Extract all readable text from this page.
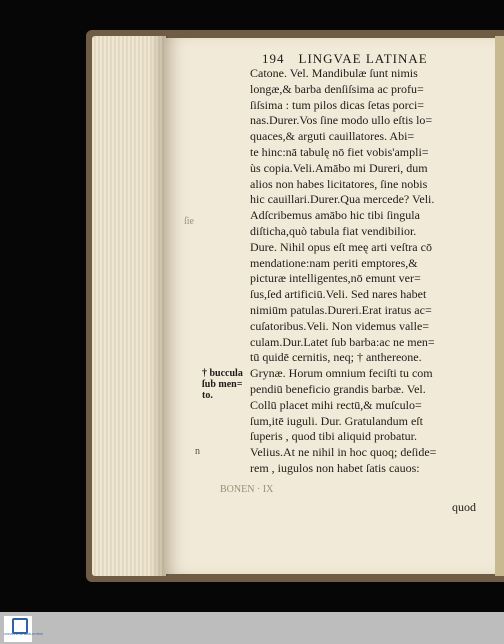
194 LINGVAE LATINAE
Catone. Vel. Mandibulæ ſunt nimis
longæ,& barba denſiſsima ac profu=
ſiſsima : tum pilos dicas ſetas porci=
nas.Durer.Vos ſine modo ullo eſtis lo=
quaces,& arguti cauillatores. Abi=
te hinc:nā tabulę nō fiet vobis'ampli=
ùs copia.Veli.Amābo mi Dureri, dum
alios non habes licitatores, ſine nobis
hic cauillari.Durer.Qua mercede? Veli.
Adſcribemus amābo hic tibi ſingula
diſticha,quò tabula fiat vendibilior.
Dure. Nihil opus eſt meę arti veſtra cō
mendatione:nam periti emptores,&
picturæ intelligentes,nō emunt ver=
ſus,ſed artificiū.Veli. Sed nares habet
nimiūm patulas.Dureri.Erat iratus ac=
cuſatoribus.Veli. Non videmus valle=
culam.Dur.Latet ſub barba:ac ne men=
tū quidē cernitis, neq; † anthereone.
Grynæ. Horum omnium feciſti tu com
pendiū beneficio grandis barbæ. Vel.
Collū placet mihi rectū,& muſculo=
ſum,itē iuguli. Dur. Gratulandum eſt
ſuperis , quod tibi aliquid probatur.
Velius.At ne nihil in hoc quoq; deſide=
rem , iugulos non habet ſatis cauos:
† buccula
ſub men=
to.
ſie
n
BONEN · IX
quod
UNIVERSITÄTSBIBLIOTHEK
